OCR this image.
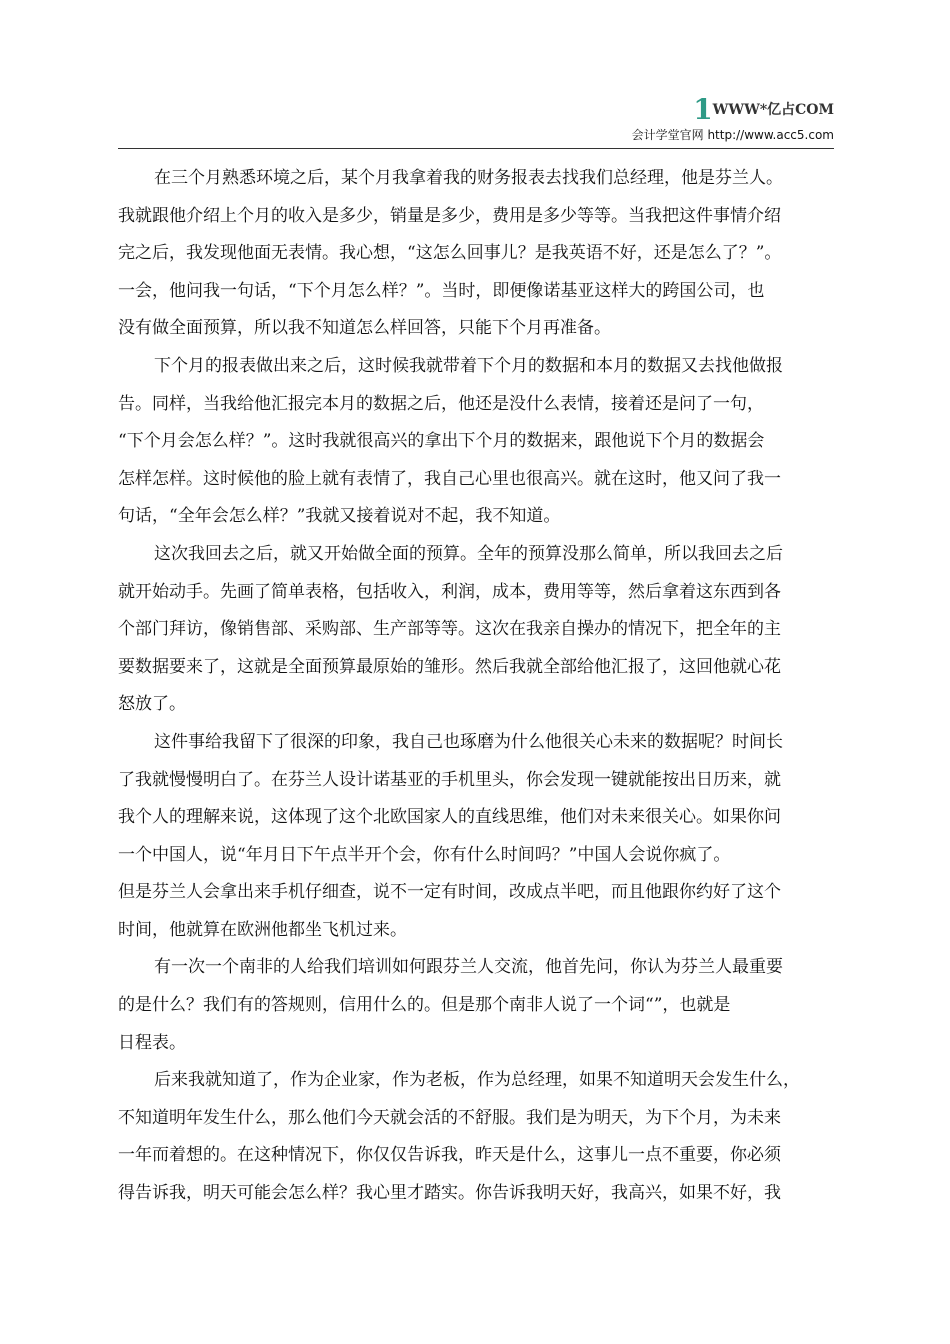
1WWW*亿占COM
会计学堂官网 http://www.acc5.com
在三个月熟悉环境之后，某个月我拿着我的财务报表去找我们总经理，他是芬兰人。
我就跟他介绍上个月的收入是多少，销量是多少，费用是多少等等。当我把这件事情介绍
完之后，我发现他面无表情。我心想，“这怎么回事儿？是我英语不好，还是怎么了？”。
一会，他问我一句话，“下个月怎么样？”。当时，即便像诺基亚这样大的跨国公司，也
没有做全面预算，所以我不知道怎么样回答，只能下个月再准备。
下个月的报表做出来之后，这时候我就带着下个月的数据和本月的数据又去找他做报
告。同样，当我给他汇报完本月的数据之后，他还是没什么表情，接着还是问了一句，
“下个月会怎么样？”。这时我就很高兴的拿出下个月的数据来，跟他说下个月的数据会
怎样怎样。这时候他的脸上就有表情了，我自己心里也很高兴。就在这时，他又问了我一
句话，“全年会怎么样？”我就又接着说对不起，我不知道。
这次我回去之后，就又开始做全面的预算。全年的预算没那么简单，所以我回去之后
就开始动手。先画了简单表格，包括收入，利润，成本，费用等等，然后拿着这东西到各
个部门拜访，像销售部、采购部、生产部等等。这次在我亲自操办的情况下，把全年的主
要数据要来了，这就是全面预算最原始的雏形。然后我就全部给他汇报了，这回他就心花
怒放了。
这件事给我留下了很深的印象，我自己也琢磨为什么他很关心未来的数据呢？时间长
了我就慢慢明白了。在芬兰人设计诺基亚的手机里头，你会发现一键就能按出日历来，就
我个人的理解来说，这体现了这个北欧国家人的直线思维，他们对未来很关心。如果你问
一个中国人，说“年月日下午点半开个会，你有什么时间吗？”中国人会说你疯了。
但是芬兰人会拿出来手机仔细查，说不一定有时间，改成点半吧，而且他跟你约好了这个
时间，他就算在欧洲他都坐飞机过来。
有一次一个南非的人给我们培训如何跟芬兰人交流，他首先问，你认为芬兰人最重要
的是什么？我们有的答规则，信用什么的。但是那个南非人说了一个词“”，也就是
日程表。
后来我就知道了，作为企业家，作为老板，作为总经理，如果不知道明天会发生什么，
不知道明年发生什么，那么他们今天就会活的不舒服。我们是为明天，为下个月，为未来
一年而着想的。在这种情况下，你仅仅告诉我，昨天是什么，这事儿一点不重要，你必须
得告诉我，明天可能会怎么样？我心里才踏实。你告诉我明天好，我高兴，如果不好，我
